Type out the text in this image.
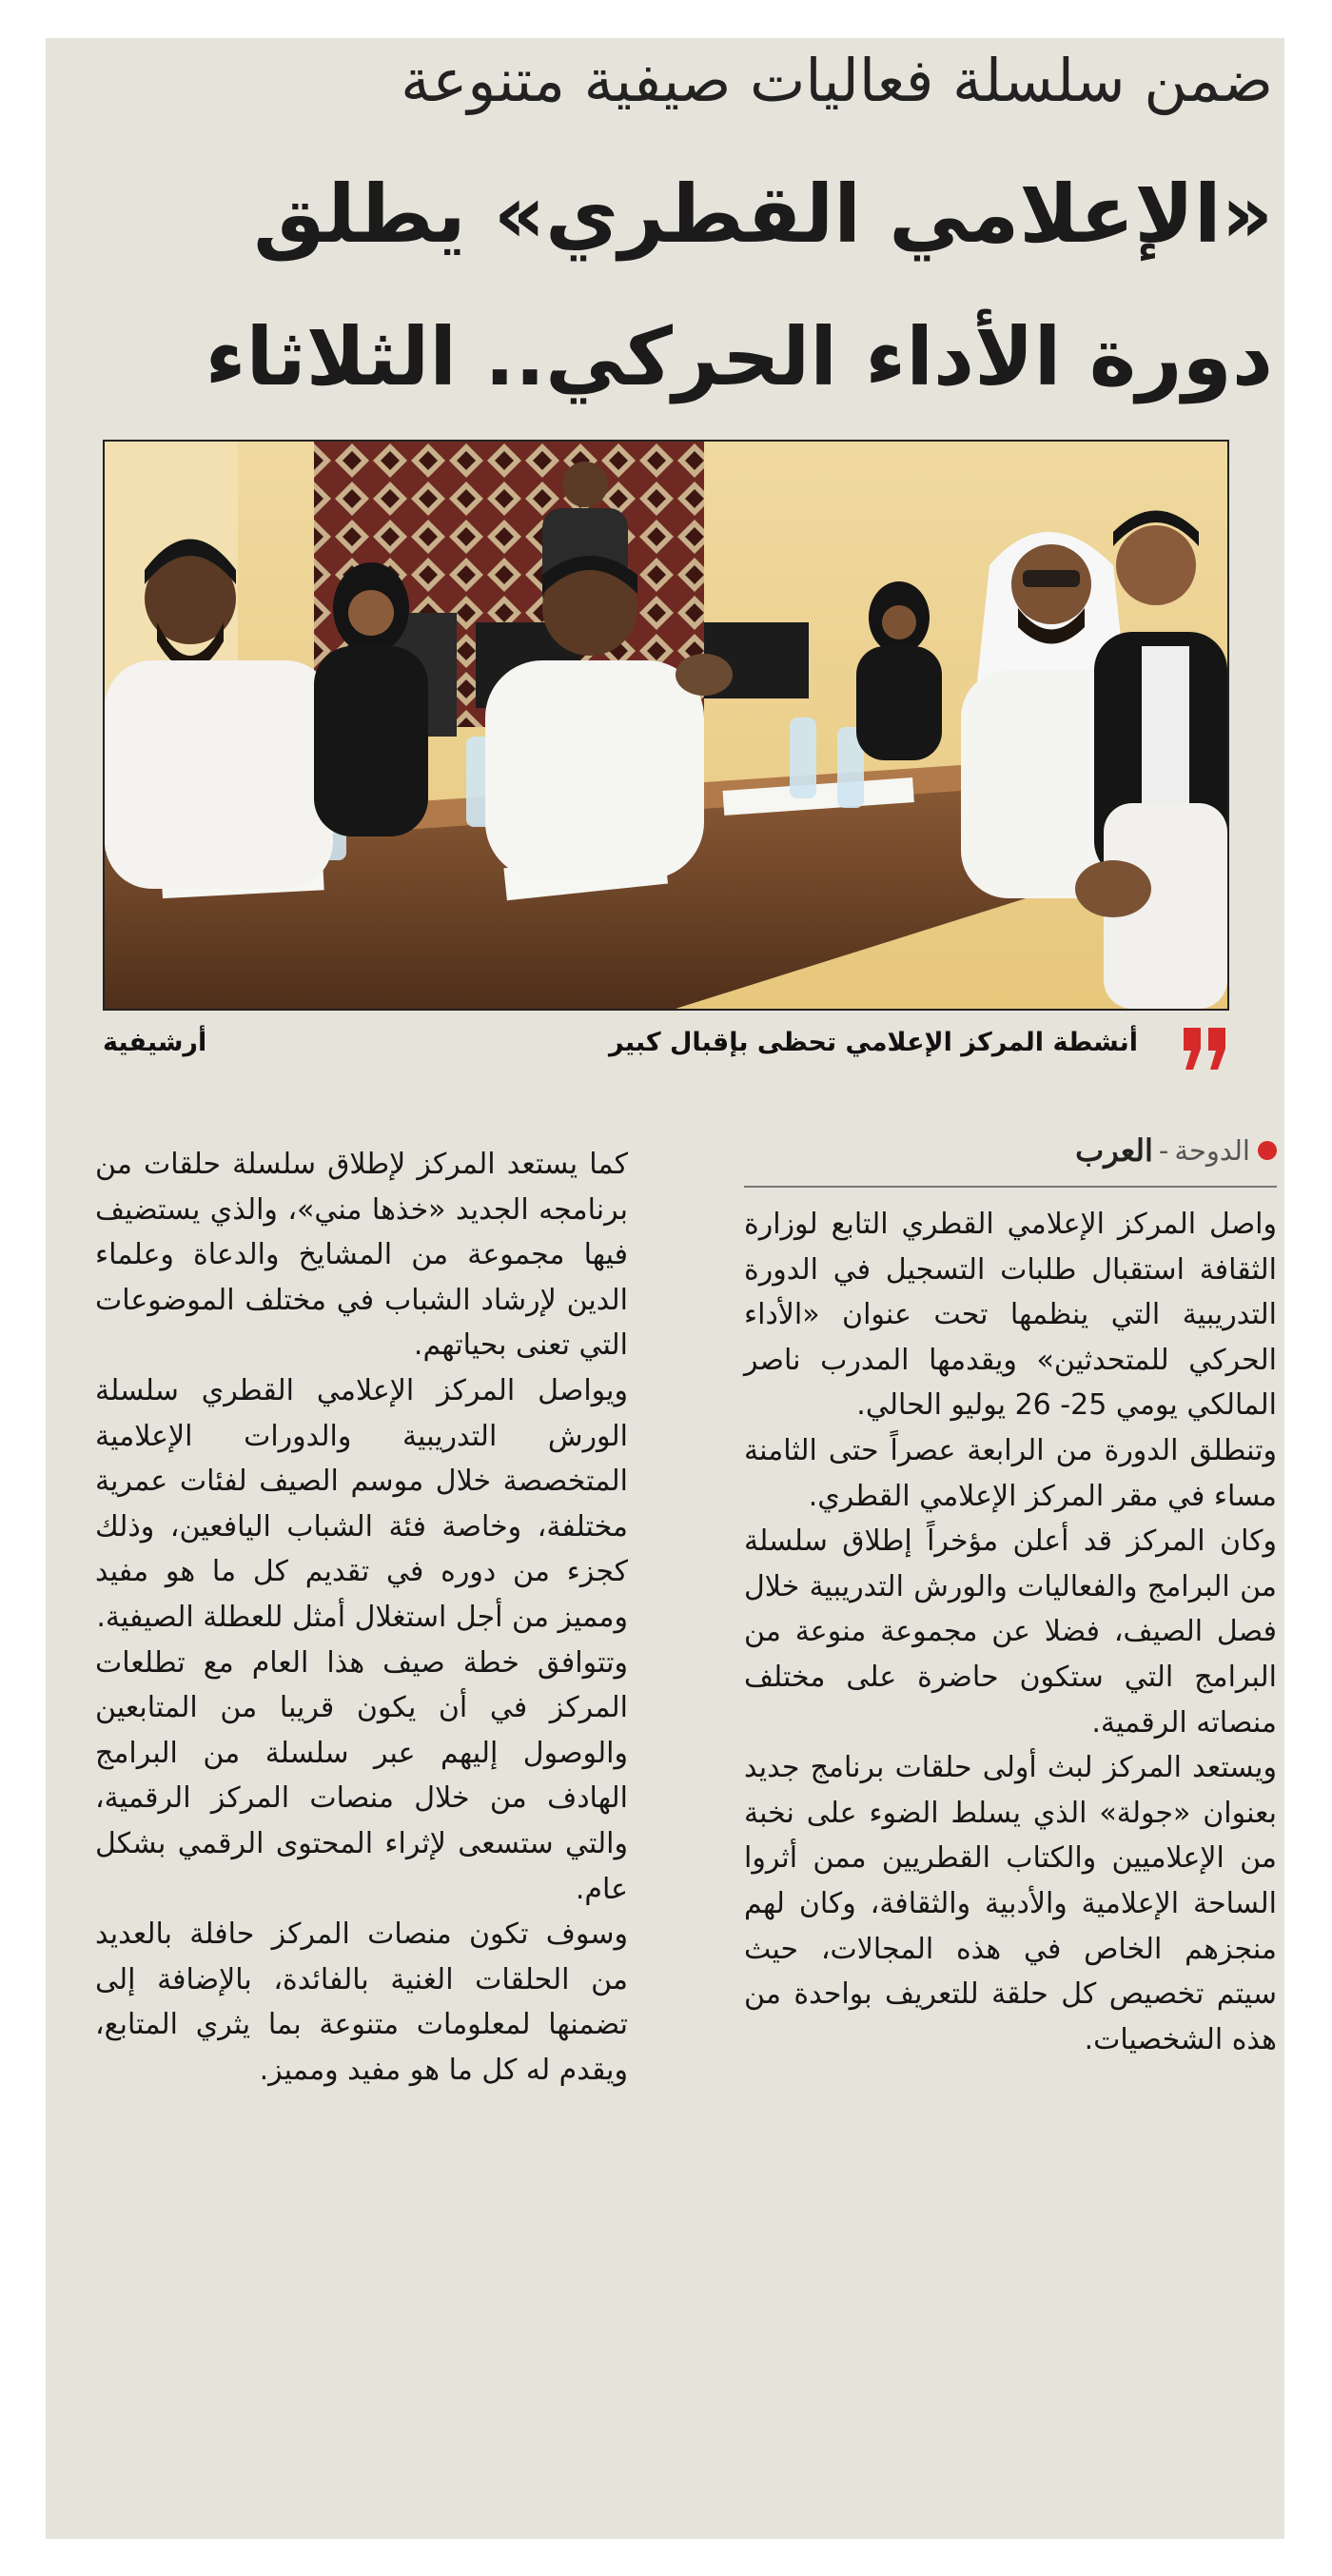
ضمن سلسلة فعاليات صيفية متنوعة
«الإعلامي القطري» يطلق دورة الأداء الحركي.. الثلاثاء
أنشطة المركز الإعلامي تحظى بإقبال كبير
أرشيفية
الدوحة-العرب

واصل المركز الإعلامي القطري التابع لوزارة الثقافة استقبال طلبات التسجيل في الدورة التدريبية التي ينظمها تحت عنوان «الأداء الحركي للمتحدثين» ويقدمها المدرب ناصر المالكي يومي 25- 26 يوليو الحالي.

وتنطلق الدورة من الرابعة عصراً حتى الثامنة مساء في مقر المركز الإعلامي القطري.

وكان المركز قد أعلن مؤخراً إطلاق سلسلة من البرامج والفعاليات والورش التدريبية خلال فصل الصيف، فضلا عن مجموعة منوعة من البرامج التي ستكون حاضرة على مختلف منصاته الرقمية.

ويستعد المركز لبث أولى حلقات برنامج جديد بعنوان «جولة» الذي يسلط الضوء على نخبة من الإعلاميين والكتاب القطريين ممن أثروا الساحة الإعلامية والأدبية والثقافة، وكان لهم منجزهم الخاص في هذه المجالات، حيث سيتم تخصيص كل حلقة للتعريف بواحدة من هذه الشخصيات.

كما يستعد المركز لإطلاق سلسلة حلقات من برنامجه الجديد «خذها مني»، والذي يستضيف فيها مجموعة من المشايخ والدعاة وعلماء الدين لإرشاد الشباب في مختلف الموضوعات التي تعنى بحياتهم.

ويواصل المركز الإعلامي القطري سلسلة الورش التدريبية والدورات الإعلامية المتخصصة خلال موسم الصيف لفئات عمرية مختلفة، وخاصة فئة الشباب اليافعين، وذلك كجزء من دوره في تقديم كل ما هو مفيد ومميز من أجل استغلال أمثل للعطلة الصيفية.

وتتوافق خطة صيف هذا العام مع تطلعات المركز في أن يكون قريبا من المتابعين والوصول إليهم عبر سلسلة من البرامج الهادف من خلال منصات المركز الرقمية، والتي ستسعى لإثراء المحتوى الرقمي بشكل عام.

وسوف تكون منصات المركز حافلة بالعديد من الحلقات الغنية بالفائدة، بالإضافة إلى تضمنها لمعلومات متنوعة بما يثري المتابع، ويقدم له كل ما هو مفيد ومميز.
